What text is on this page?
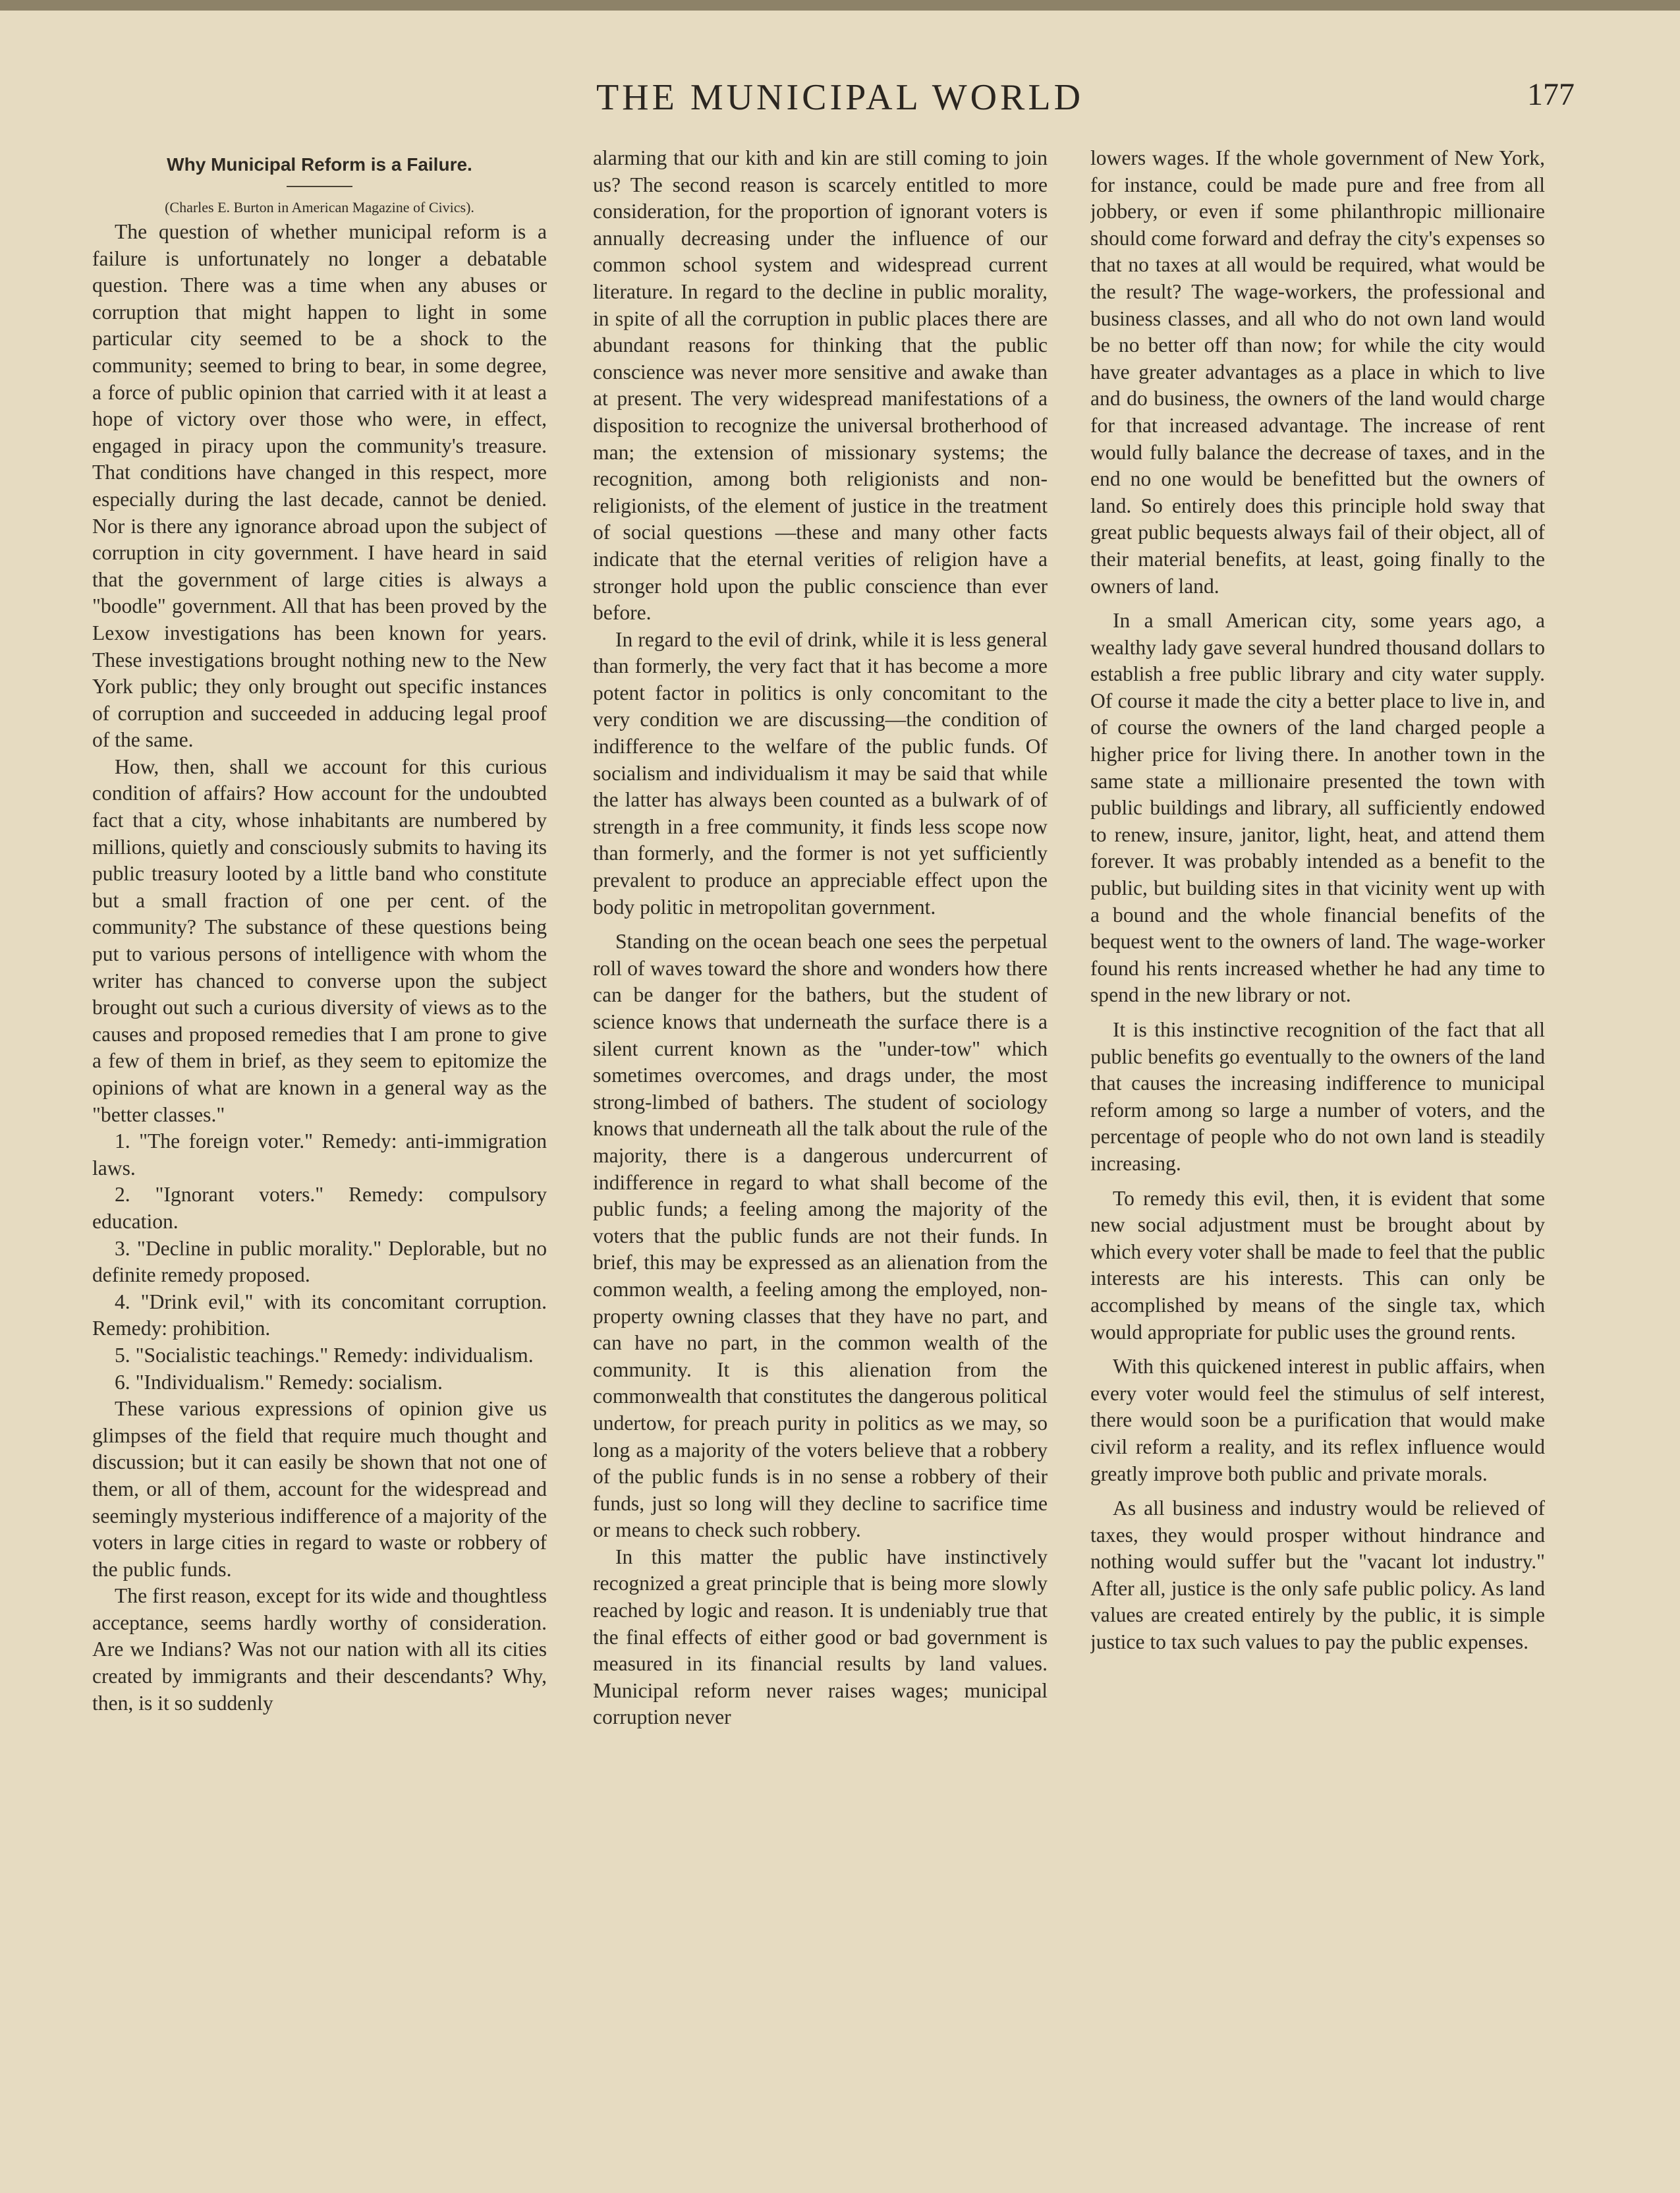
THE MUNICIPAL WORLD	177
Why Municipal Reform is a Failure.
(Charles E. Burton in American Magazine of Civics).

The question of whether municipal reform is a failure is unfortunately no longer a debatable question. There was a time when any abuses or corruption that might happen to light in some particular city seemed to be a shock to the community; seemed to bring to bear, in some degree, a force of public opinion that carried with it at least a hope of victory over those who were, in effect, engaged in piracy upon the community's treasure. That conditions have changed in this respect, more especially during the last decade, cannot be denied. Nor is there any ignorance abroad upon the subject of corruption in city government. I have heard in said that the government of large cities is always a "boodle" government. All that has been proved by the Lexow investigations has been known for years. These investigations brought nothing new to the New York public; they only brought out specific instances of corruption and succeeded in adducing legal proof of the same.

How, then, shall we account for this curious condition of affairs? How account for the undoubted fact that a city, whose inhabitants are numbered by millions, quietly and consciously submits to having its public treasury looted by a little band who constitute but a small fraction of one per cent. of the community? The substance of these questions being put to various persons of intelligence with whom the writer has chanced to converse upon the subject brought out such a curious diversity of views as to the causes and proposed remedies that I am prone to give a few of them in brief, as they seem to epitomize the opinions of what are known in a general way as the "better classes."

1. "The foreign voter." Remedy: anti-immigration laws.

2. "Ignorant voters." Remedy: compulsory education.

3. "Decline in public morality." Deplorable, but no definite remedy proposed.

4. "Drink evil," with its concomitant corruption. Remedy: prohibition.

5. "Socialistic teachings." Remedy: individualism.

6. "Individualism." Remedy: socialism.

These various expressions of opinion give us glimpses of the field that require much thought and discussion; but it can easily be shown that not one of them, or all of them, account for the widespread and seemingly mysterious indifference of a majority of the voters in large cities in regard to waste or robbery of the public funds.

The first reason, except for its wide and thoughtless acceptance, seems hardly worthy of consideration. Are we Indians? Was not our nation with all its cities created by immigrants and their descendants? Why, then, is it so suddenly

alarming that our kith and kin are still coming to join us? The second reason is scarcely entitled to more consideration, for the proportion of ignorant voters is annually decreasing under the influence of our common school system and widespread current literature. In regard to the decline in public morality, in spite of all the corruption in public places there are abundant reasons for thinking that the public conscience was never more sensitive and awake than at present. The very widespread manifestations of a disposition to recognize the universal brotherhood of man; the extension of missionary systems; the recognition, among both religionists and non-religionists, of the element of justice in the treatment of social questions —these and many other facts indicate that the eternal verities of religion have a stronger hold upon the public conscience than ever before.

In regard to the evil of drink, while it is less general than formerly, the very fact that it has become a more potent factor in politics is only concomitant to the very condition we are discussing—the condition of indifference to the welfare of the public funds. Of socialism and individualism it may be said that while the latter has always been counted as a bulwark of of strength in a free community, it finds less scope now than formerly, and the former is not yet sufficiently prevalent to produce an appreciable effect upon the body politic in metropolitan government.

Standing on the ocean beach one sees the perpetual roll of waves toward the shore and wonders how there can be danger for the bathers, but the student of science knows that underneath the surface there is a silent current known as the "under-tow" which sometimes overcomes, and drags under, the most strong-limbed of bathers. The student of sociology knows that underneath all the talk about the rule of the majority, there is a dangerous undercurrent of indifference in regard to what shall become of the public funds; a feeling among the majority of the voters that the public funds are not their funds. In brief, this may be expressed as an alienation from the common wealth, a feeling among the employed, non-property owning classes that they have no part, and can have no part, in the common wealth of the community. It is this alienation from the commonwealth that constitutes the dangerous political undertow, for preach purity in politics as we may, so long as a majority of the voters believe that a robbery of the public funds is in no sense a robbery of their funds, just so long will they decline to sacrifice time or means to check such robbery.

In this matter the public have instinctively recognized a great principle that is being more slowly reached by logic and reason. It is undeniably true that the final effects of either good or bad government is measured in its financial results by land values. Municipal reform never raises wages; municipal corruption never

lowers wages. If the whole government of New York, for instance, could be made pure and free from all jobbery, or even if some philanthropic millionaire should come forward and defray the city's expenses so that no taxes at all would be required, what would be the result? The wage-workers, the professional and business classes, and all who do not own land would be no better off than now; for while the city would have greater advantages as a place in which to live and do business, the owners of the land would charge for that increased advantage. The increase of rent would fully balance the decrease of taxes, and in the end no one would be benefitted but the owners of land. So entirely does this principle hold sway that great public bequests always fail of their object, all of their material benefits, at least, going finally to the owners of land.

In a small American city, some years ago, a wealthy lady gave several hundred thousand dollars to establish a free public library and city water supply. Of course it made the city a better place to live in, and of course the owners of the land charged people a higher price for living there. In another town in the same state a millionaire presented the town with public buildings and library, all sufficiently endowed to renew, insure, janitor, light, heat, and attend them forever. It was probably intended as a benefit to the public, but building sites in that vicinity went up with a bound and the whole financial benefits of the bequest went to the owners of land. The wage-worker found his rents increased whether he had any time to spend in the new library or not.

It is this instinctive recognition of the fact that all public benefits go eventually to the owners of the land that causes the increasing indifference to municipal reform among so large a number of voters, and the percentage of people who do not own land is steadily increasing.

To remedy this evil, then, it is evident that some new social adjustment must be brought about by which every voter shall be made to feel that the public interests are his interests. This can only be accomplished by means of the single tax, which would appropriate for public uses the ground rents.

With this quickened interest in public affairs, when every voter would feel the stimulus of self interest, there would soon be a purification that would make civil reform a reality, and its reflex influence would greatly improve both public and private morals.

As all business and industry would be relieved of taxes, they would prosper without hindrance and nothing would suffer but the "vacant lot industry." After all, justice is the only safe public policy. As land values are created entirely by the public, it is simple justice to tax such values to pay the public expenses.
